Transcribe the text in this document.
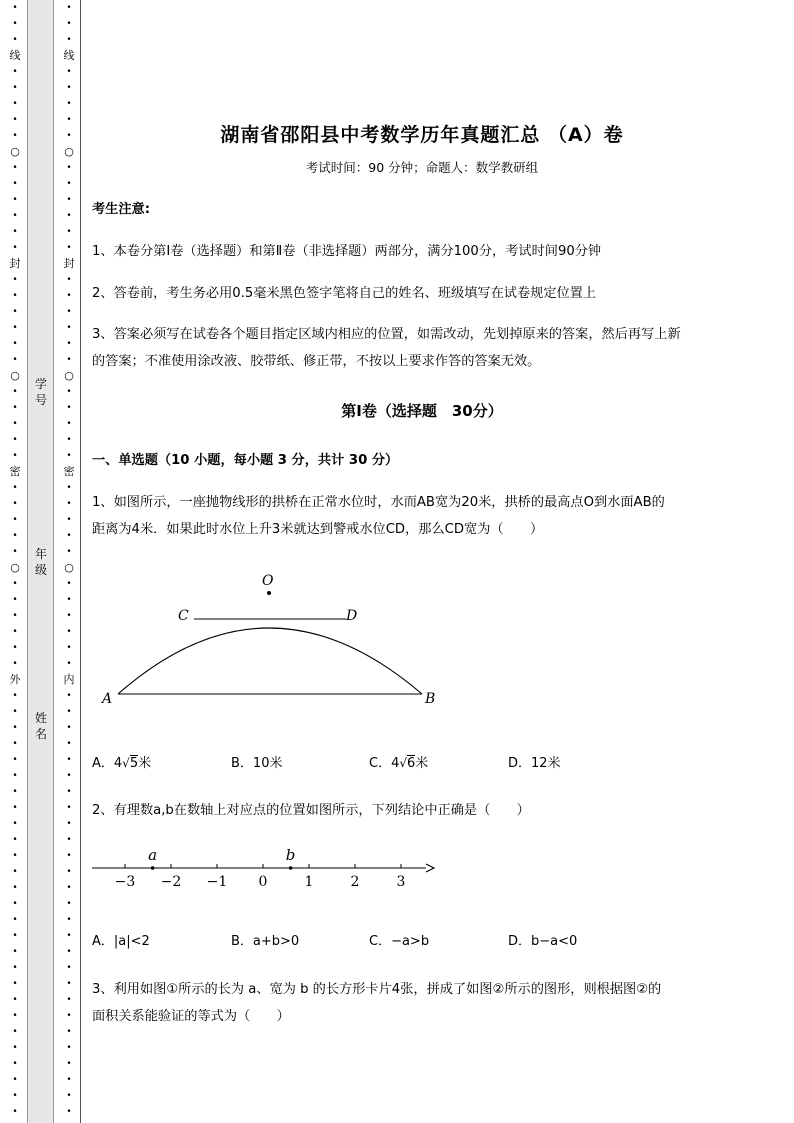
•
•
•
线
•
•
•
•
•
○
•
•
•
•
•
•
封
•
•
•
•
•
•
○
•
•
•
•
•
密
•
•
•
•
•
○
•
•
•
•
•
•
外
•
•
•
•
•
•
•
•
•
•
•
•
•
•
•
•
•
•
•
•
•
•
•
•
•
•
•
学
号
年
级
姓
名
•
•
•
线
•
•
•
•
•
○
•
•
•
•
•
•
封
•
•
•
•
•
•
○
•
•
•
•
•
密
•
•
•
•
•
○
•
•
•
•
•
•
内
•
•
•
•
•
•
•
•
•
•
•
•
•
•
•
•
•
•
•
•
•
•
•
•
•
•
•
湖南省邵阳县中考数学历年真题汇总 （A）卷
考试时间：90 分钟；命题人：数学教研组
考生注意:
1、本卷分第Ⅰ卷（选择题）和第Ⅱ卷（非选择题）两部分，满分100分，考试时间90分钟
2、答卷前，考生务必用0.5毫米黑色签字笔将自己的姓名、班级填写在试卷规定位置上
3、答案必须写在试卷各个题目指定区域内相应的位置，如需改动，先划掉原来的答案，然后再写上新
的答案；不准使用涂改液、胶带纸、修正带，不按以上要求作答的答案无效。
第Ⅰ卷（选择题　30分）
一、单选题（10 小题，每小题 3 分，共计 30 分）
1、如图所示，一座抛物线形的拱桥在正常水位时，水而AB宽为20米，拱桥的最高点O到水面AB的
距离为4米．如果此时水位上升3米就达到警戒水位CD，那么CD宽为（　　）
O
C	D
A	B
A．4√5米	B．10米	C．4√6米	D．12米
2、有理数a,b在数轴上对应点的位置如图所示，下列结论中正确是（　　）
−3 −2 −1 0	1	2	3
a	b
A．|a|<2	B．a+b>0	C．−a>b	D．b−a<0
3、利用如图①所示的长为 a、宽为 b 的长方形卡片4张，拼成了如图②所示的图形，则根据图②的
面积关系能验证的等式为（　　）
